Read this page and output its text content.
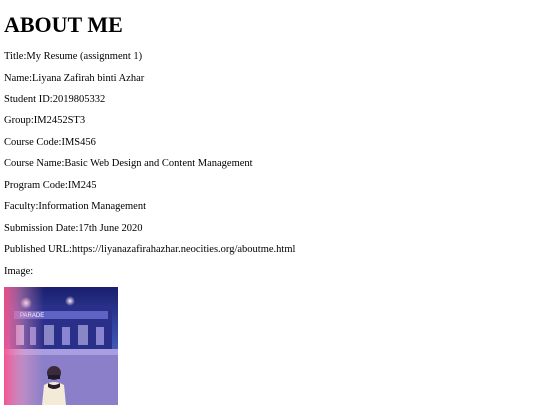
ABOUT ME

Title:My Resume (assignment 1)

Name:Liyana Zafirah binti Azhar

Student ID:2019805332

Group:IM2452ST3

Course Code:IMS456

Course Name:Basic Web Design and Content Management

Program Code:IM245

Faculty:Information Management

Submission Date:17th June 2020

Published URL:https://liyanazafirahazhar.neocities.org/aboutme.html

Image:
